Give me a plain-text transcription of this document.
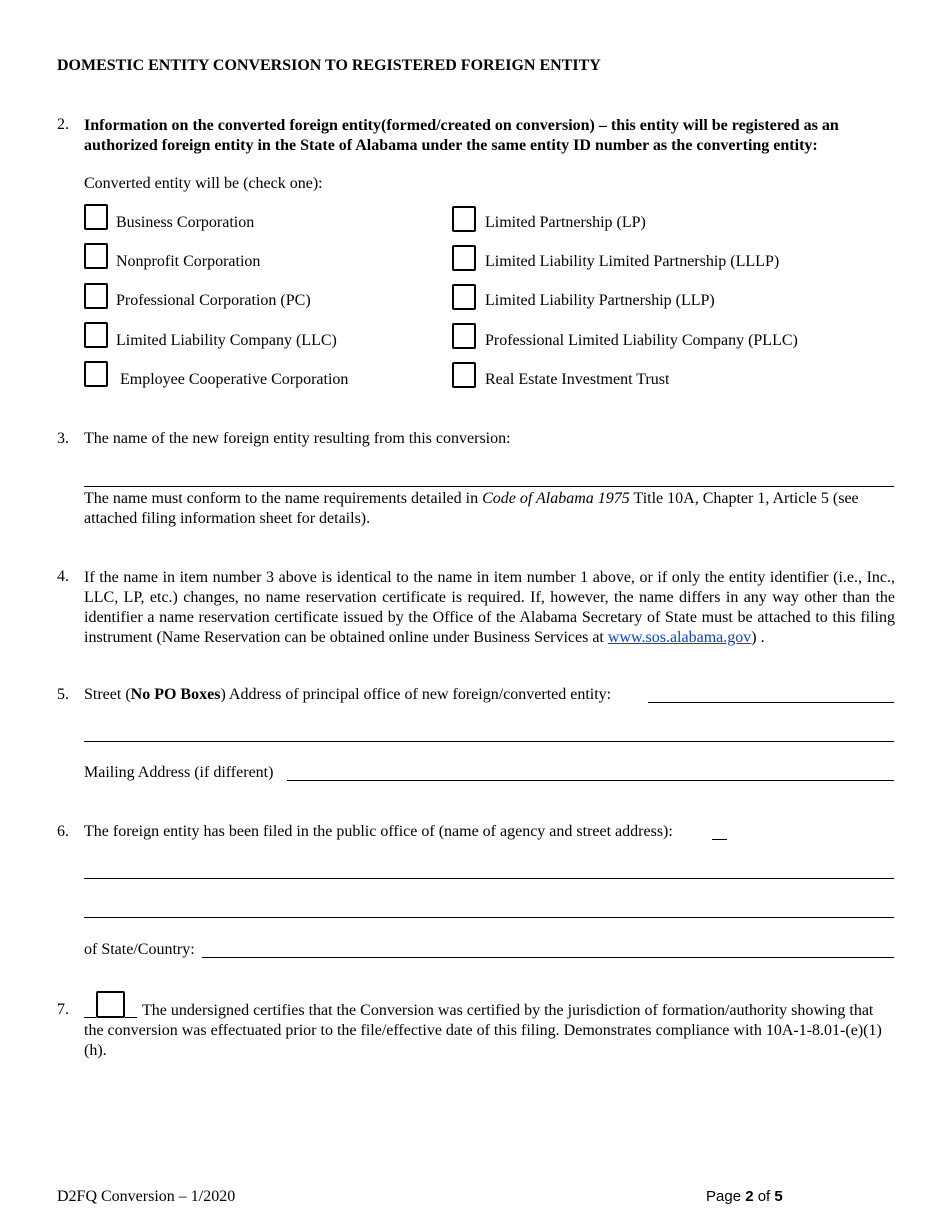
DOMESTIC ENTITY CONVERSION TO REGISTERED FOREIGN ENTITY
2. Information on the converted foreign entity(formed/created on conversion) – this entity will be registered as an authorized foreign entity in the State of Alabama under the same entity ID number as the converting entity:
Converted entity will be (check one):
Business Corporation
Nonprofit Corporation
Professional Corporation (PC)
Limited Liability Company (LLC)
Employee Cooperative Corporation
Limited Partnership (LP)
Limited Liability Limited Partnership (LLLP)
Limited Liability Partnership (LLP)
Professional Limited Liability Company (PLLC)
Real Estate Investment Trust
3. The name of the new foreign entity resulting from this conversion:
The name must conform to the name requirements detailed in Code of Alabama 1975 Title 10A, Chapter 1, Article 5 (see attached filing information sheet for details).
4. If the name in item number 3 above is identical to the name in item number 1 above, or if only the entity identifier (i.e., Inc., LLC, LP, etc.) changes, no name reservation certificate is required. If, however, the name differs in any way other than the identifier a name reservation certificate issued by the Office of the Alabama Secretary of State must be attached to this filing instrument (Name Reservation can be obtained online under Business Services at www.sos.alabama.gov) .
5. Street (No PO Boxes) Address of principal office of new foreign/converted entity:
Mailing Address (if different)
6. The foreign entity has been filed in the public office of (name of agency and street address):
of State/Country:
7.	The undersigned certifies that the Conversion was certified by the jurisdiction of formation/authority showing that the conversion was effectuated prior to the file/effective date of this filing. Demonstrates compliance with 10A-1-8.01-(e)(1)(h).
D2FQ Conversion – 1/2020	Page 2 of 5
